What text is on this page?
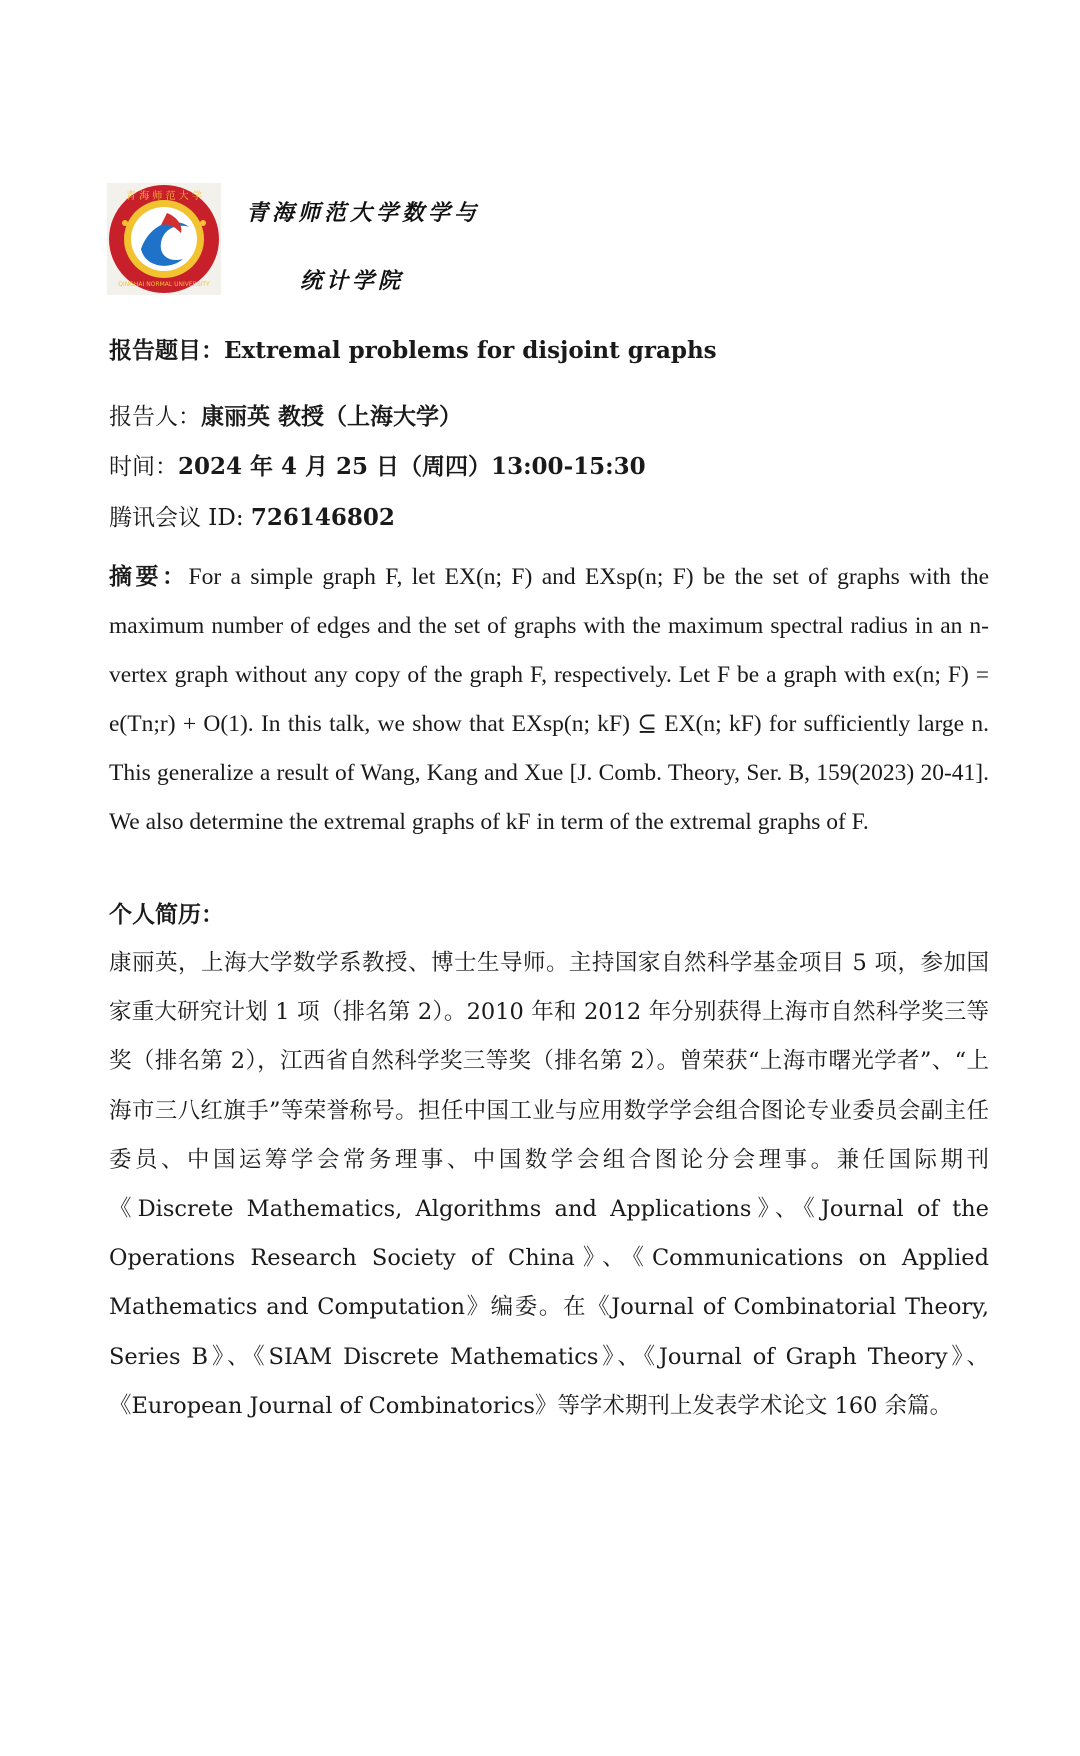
青 海 师 范 大 学
QINGHAI NORMAL UNIVERSITY
青海师范大学数学与
统计学院
报告题目：Extremal problems for disjoint graphs
报告人：康丽英 教授（上海大学）
时间：2024 年 4 月 25 日（周四）13:00-15:30
腾讯会议 ID: 726146802
摘要：For a simple graph F, let EX(n; F) and EXsp(n; F) be the set of graphs with the maximum number of edges and the set of graphs with the maximum spectral radius in an n-vertex graph without any copy of the graph F, respectively. Let F be a graph with ex(n; F) = e(Tn;r) + O(1). In this talk, we show that EXsp(n; kF) ⊆ EX(n; kF) for sufficiently large n. This generalize a result of Wang, Kang and Xue [J. Comb. Theory, Ser. B, 159(2023) 20-41]. We also determine the extremal graphs of kF in term of the extremal graphs of F.
个人简历：
康丽英，上海大学数学系教授、博士生导师。主持国家自然科学基金项目 5 项，参加国家重大研究计划 1 项（排名第 2）。2010 年和 2012 年分别获得上海市自然科学奖三等奖（排名第 2），江西省自然科学奖三等奖（排名第 2）。曾荣获“上海市曙光学者”、“上海市三八红旗手”等荣誉称号。担任中国工业与应用数学学会组合图论专业委员会副主任委员、中国运筹学会常务理事、中国数学会组合图论分会理事。兼任国际期刊《Discrete Mathematics, Algorithms and Applications》、《Journal of the Operations Research Society of China》、《Communications on Applied Mathematics and Computation》编委。在《Journal of Combinatorial Theory, Series B》、《SIAM Discrete Mathematics》、《Journal of Graph Theory》、《European Journal of Combinatorics》等学术期刊上发表学术论文 160 余篇。
